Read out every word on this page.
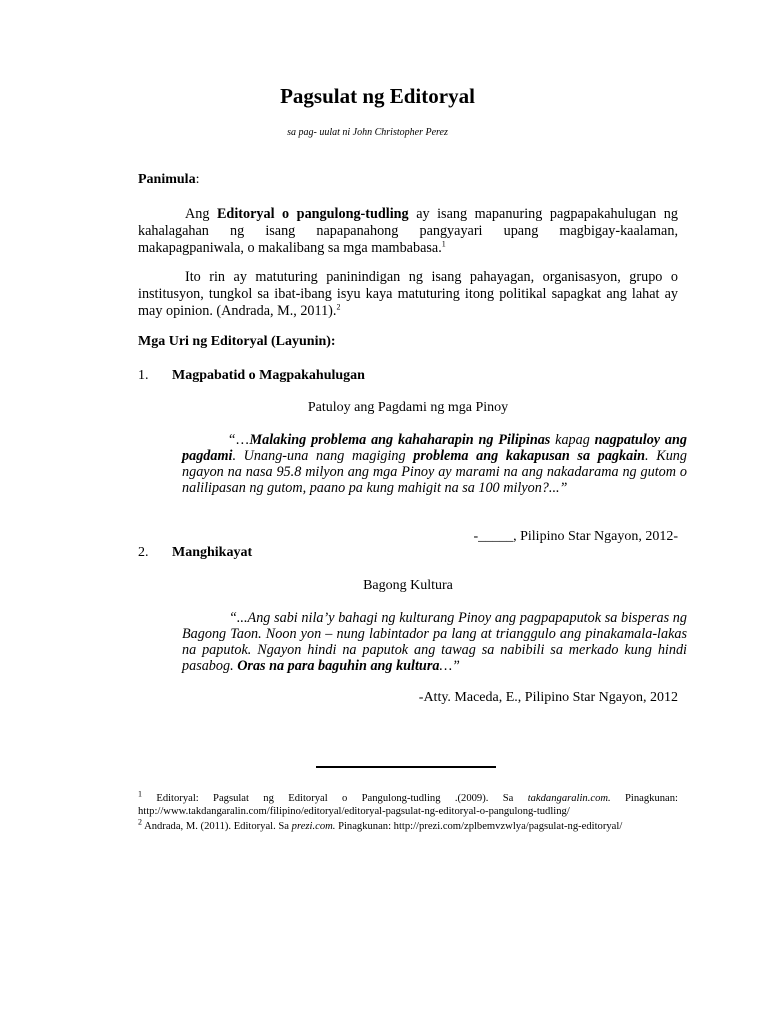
Pagsulat ng Editoryal
sa pag- uulat ni John Christopher Perez
Panimula:
Ang Editoryal o pangulong-tudling ay isang mapanuring pagpapakahulugan ng kahalagahan ng isang napapanahong pangyayari upang magbigay-kaalaman, makapagpaniwala, o makalibang sa mga mambabasa.$^1$
Ito rin ay matuturing paninindigan ng isang pahayagan, organisasyon, grupo o institusyon, tungkol sa ibat-ibang isyu kaya matuturing itong politikal sapagkat ang lahat ay may opinion. (Andrada, M., 2011).$^2$
Mga Uri ng Editoryal (Layunin):
1. Magpabatid o Magpakahulugan
Patuloy ang Pagdami ng mga Pinoy
“…Malaking problema ang kahaharapin ng Pilipinas kapag nagpatuloy ang pagdami. Unang-una nang magiging problema ang kakapusan sa pagkain. Kung ngayon na nasa 95.8 milyon ang mga Pinoy ay marami na ang nakadarama ng gutom o nalilipasan ng gutom, paano pa kung mahigit na sa 100 milyon?...”
-_____, Pilipino Star Ngayon, 2012-
2. Manghikayat
Bagong Kultura
“...Ang sabi nila’y bahagi ng kulturang Pinoy ang pagpapaputok sa bisperas ng Bagong Taon. Noon yon – nung labintador pa lang at trianggulo ang pinakamala-lakas na paputok. Ngayon hindi na paputok ang tawag sa nabibili sa merkado kung hindi pasabog. Oras na para baguhin ang kultura…”
-Atty. Maceda, E., Pilipino Star Ngayon, 2012
$^1$ Editoryal: Pagsulat ng Editoryal o Pangulong-tudling .(2009). Sa takdangaralin.com. Pinagkunan: http://www.takdangaralin.com/filipino/editoryal/editoryal-pagsulat-ng-editoryal-o-pangulong-tudling/
$^2$ Andrada, M. (2011). Editoryal. Sa prezi.com. Pinagkunan: http://prezi.com/zplbemvzwlya/pagsulat-ng-editoryal/
